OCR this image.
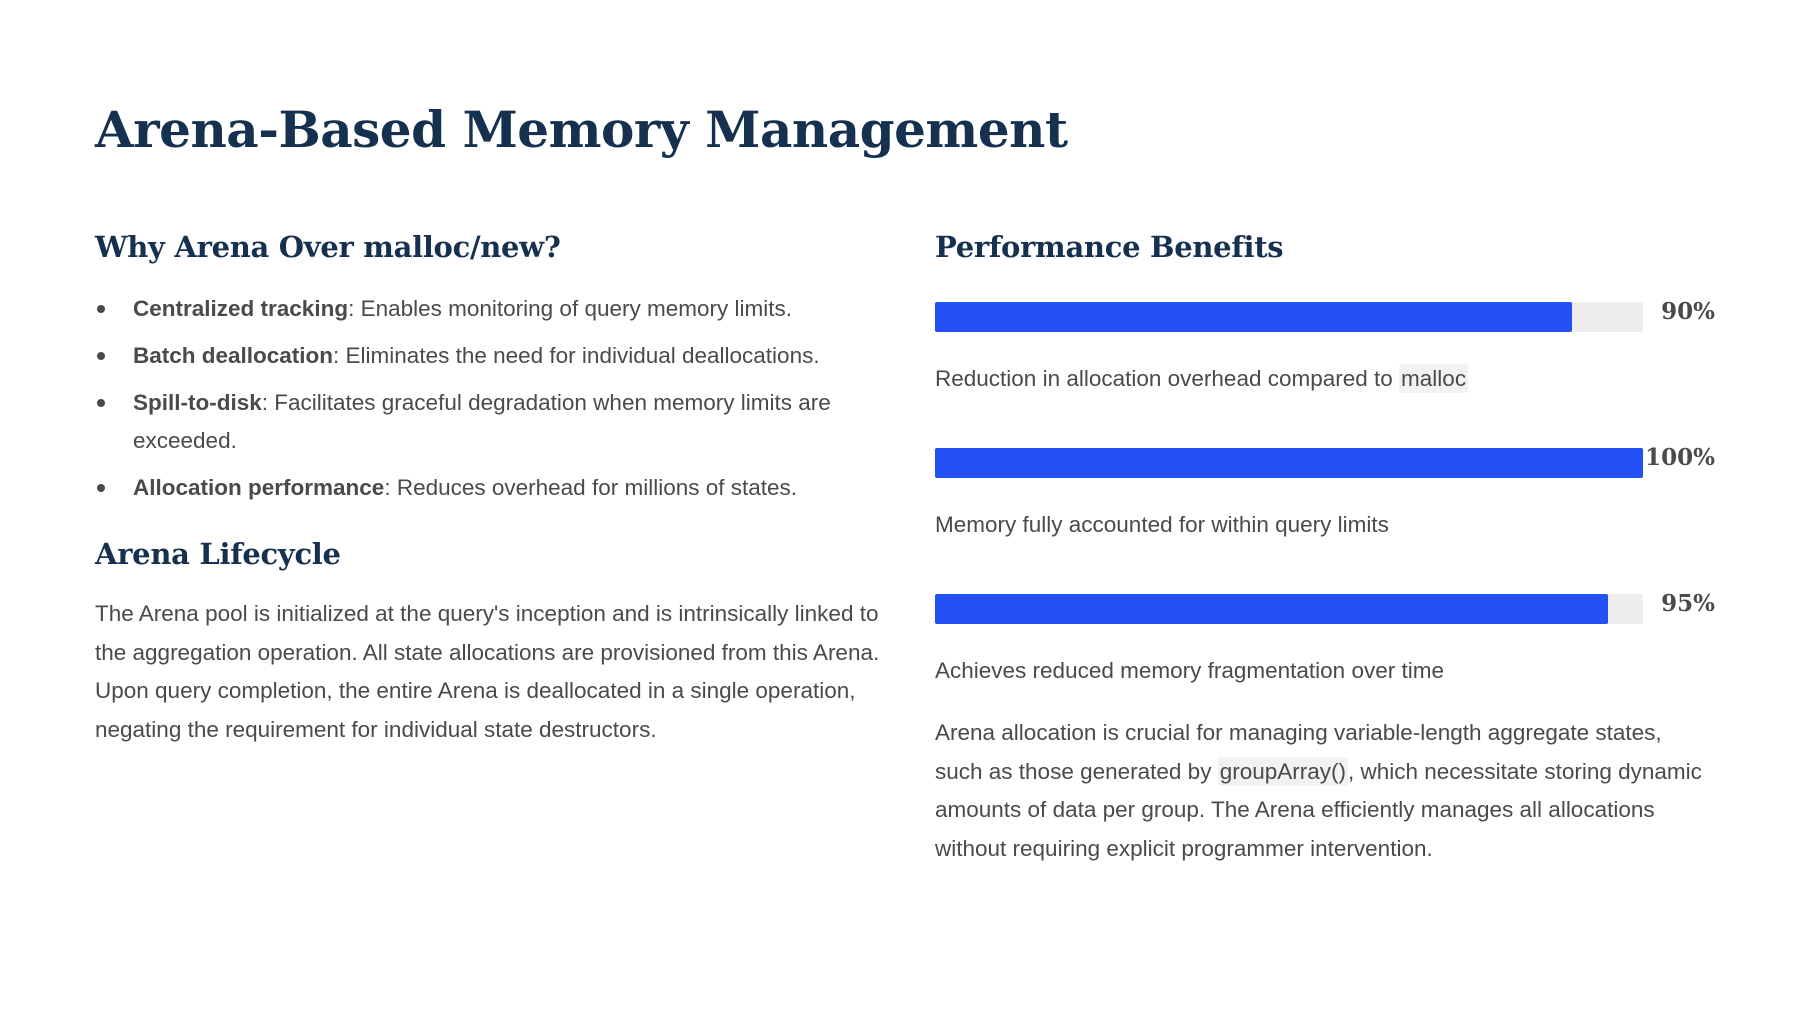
Arena-Based Memory Management
Why Arena Over malloc/new?
Centralized tracking: Enables monitoring of query memory limits.
Batch deallocation: Eliminates the need for individual deallocations.
Spill-to-disk: Facilitates graceful degradation when memory limits are exceeded.
Allocation performance: Reduces overhead for millions of states.
Arena Lifecycle

The Arena pool is initialized at the query's inception and is intrinsically linked to the aggregation operation. All state allocations are provisioned from this Arena. Upon query completion, the entire Arena is deallocated in a single operation, negating the requirement for individual state destructors.

Performance Benefits
90%
Reduction in allocation overhead compared to malloc
100%
Memory fully accounted for within query limits
95%
Achieves reduced memory fragmentation over time

Arena allocation is crucial for managing variable-length aggregate states, such as those generated by groupArray(), which necessitate storing dynamic amounts of data per group. The Arena efficiently manages all allocations without requiring explicit programmer intervention.
